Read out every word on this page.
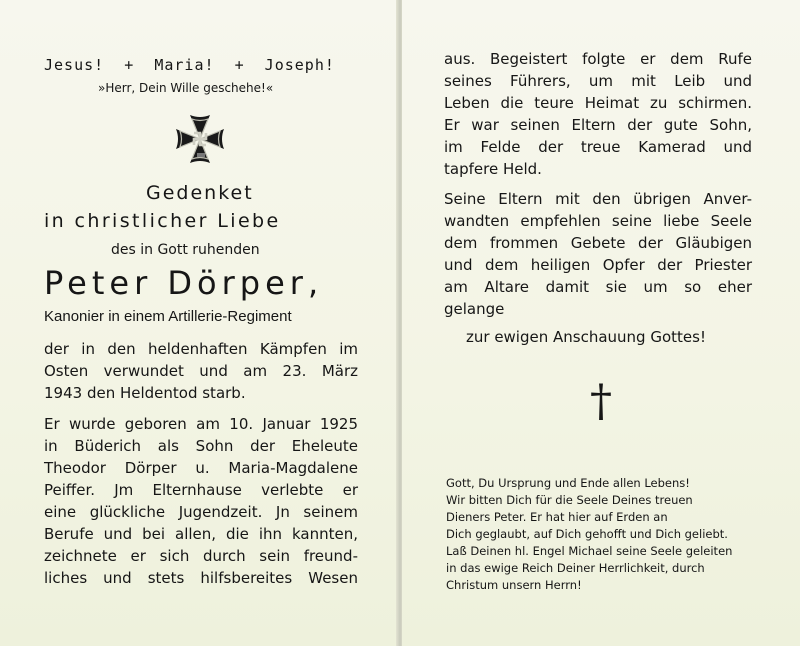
Jesus!  +  Maria!  +  Joseph!
»Herr, Dein Wille geschehe!«
Gedenket
in christlicher Liebe
des in Gott ruhenden
Peter Dörper,
Kanonier in einem Artillerie-Regiment
der in den heldenhaften Kämpfen im
Osten verwundet und am 23. März
1943 den Heldentod starb.
Er wurde geboren am 10. Januar 1925
in Büderich als Sohn der Eheleute
Theodor Dörper u. Maria-Magdalene
Peiffer. Jm Elternhause verlebte er
eine glückliche Jugendzeit. Jn seinem
Berufe und bei allen, die ihn kannten,
zeichnete er sich durch sein freund-
liches und stets hilfsbereites Wesen
aus. Begeistert folgte er dem Rufe
seines Führers, um mit Leib und
Leben die teure Heimat zu schirmen.
Er war seinen Eltern der gute Sohn,
im Felde der treue Kamerad und
tapfere Held.
Seine Eltern mit den übrigen Anver-
wandten empfehlen seine liebe Seele
dem frommen Gebete der Gläubigen
und dem heiligen Opfer der Priester
am Altare damit sie um so eher
gelange
zur ewigen Anschauung Gottes!
†
Gott, Du Ursprung und Ende allen Lebens!
Wir bitten Dich für die Seele Deines treuen
Dieners Peter. Er hat hier auf Erden an
Dich geglaubt, auf Dich gehofft und Dich geliebt.
Laß Deinen hl. Engel Michael seine Seele geleiten
in das ewige Reich Deiner Herrlichkeit, durch
Christum unsern Herrn!
